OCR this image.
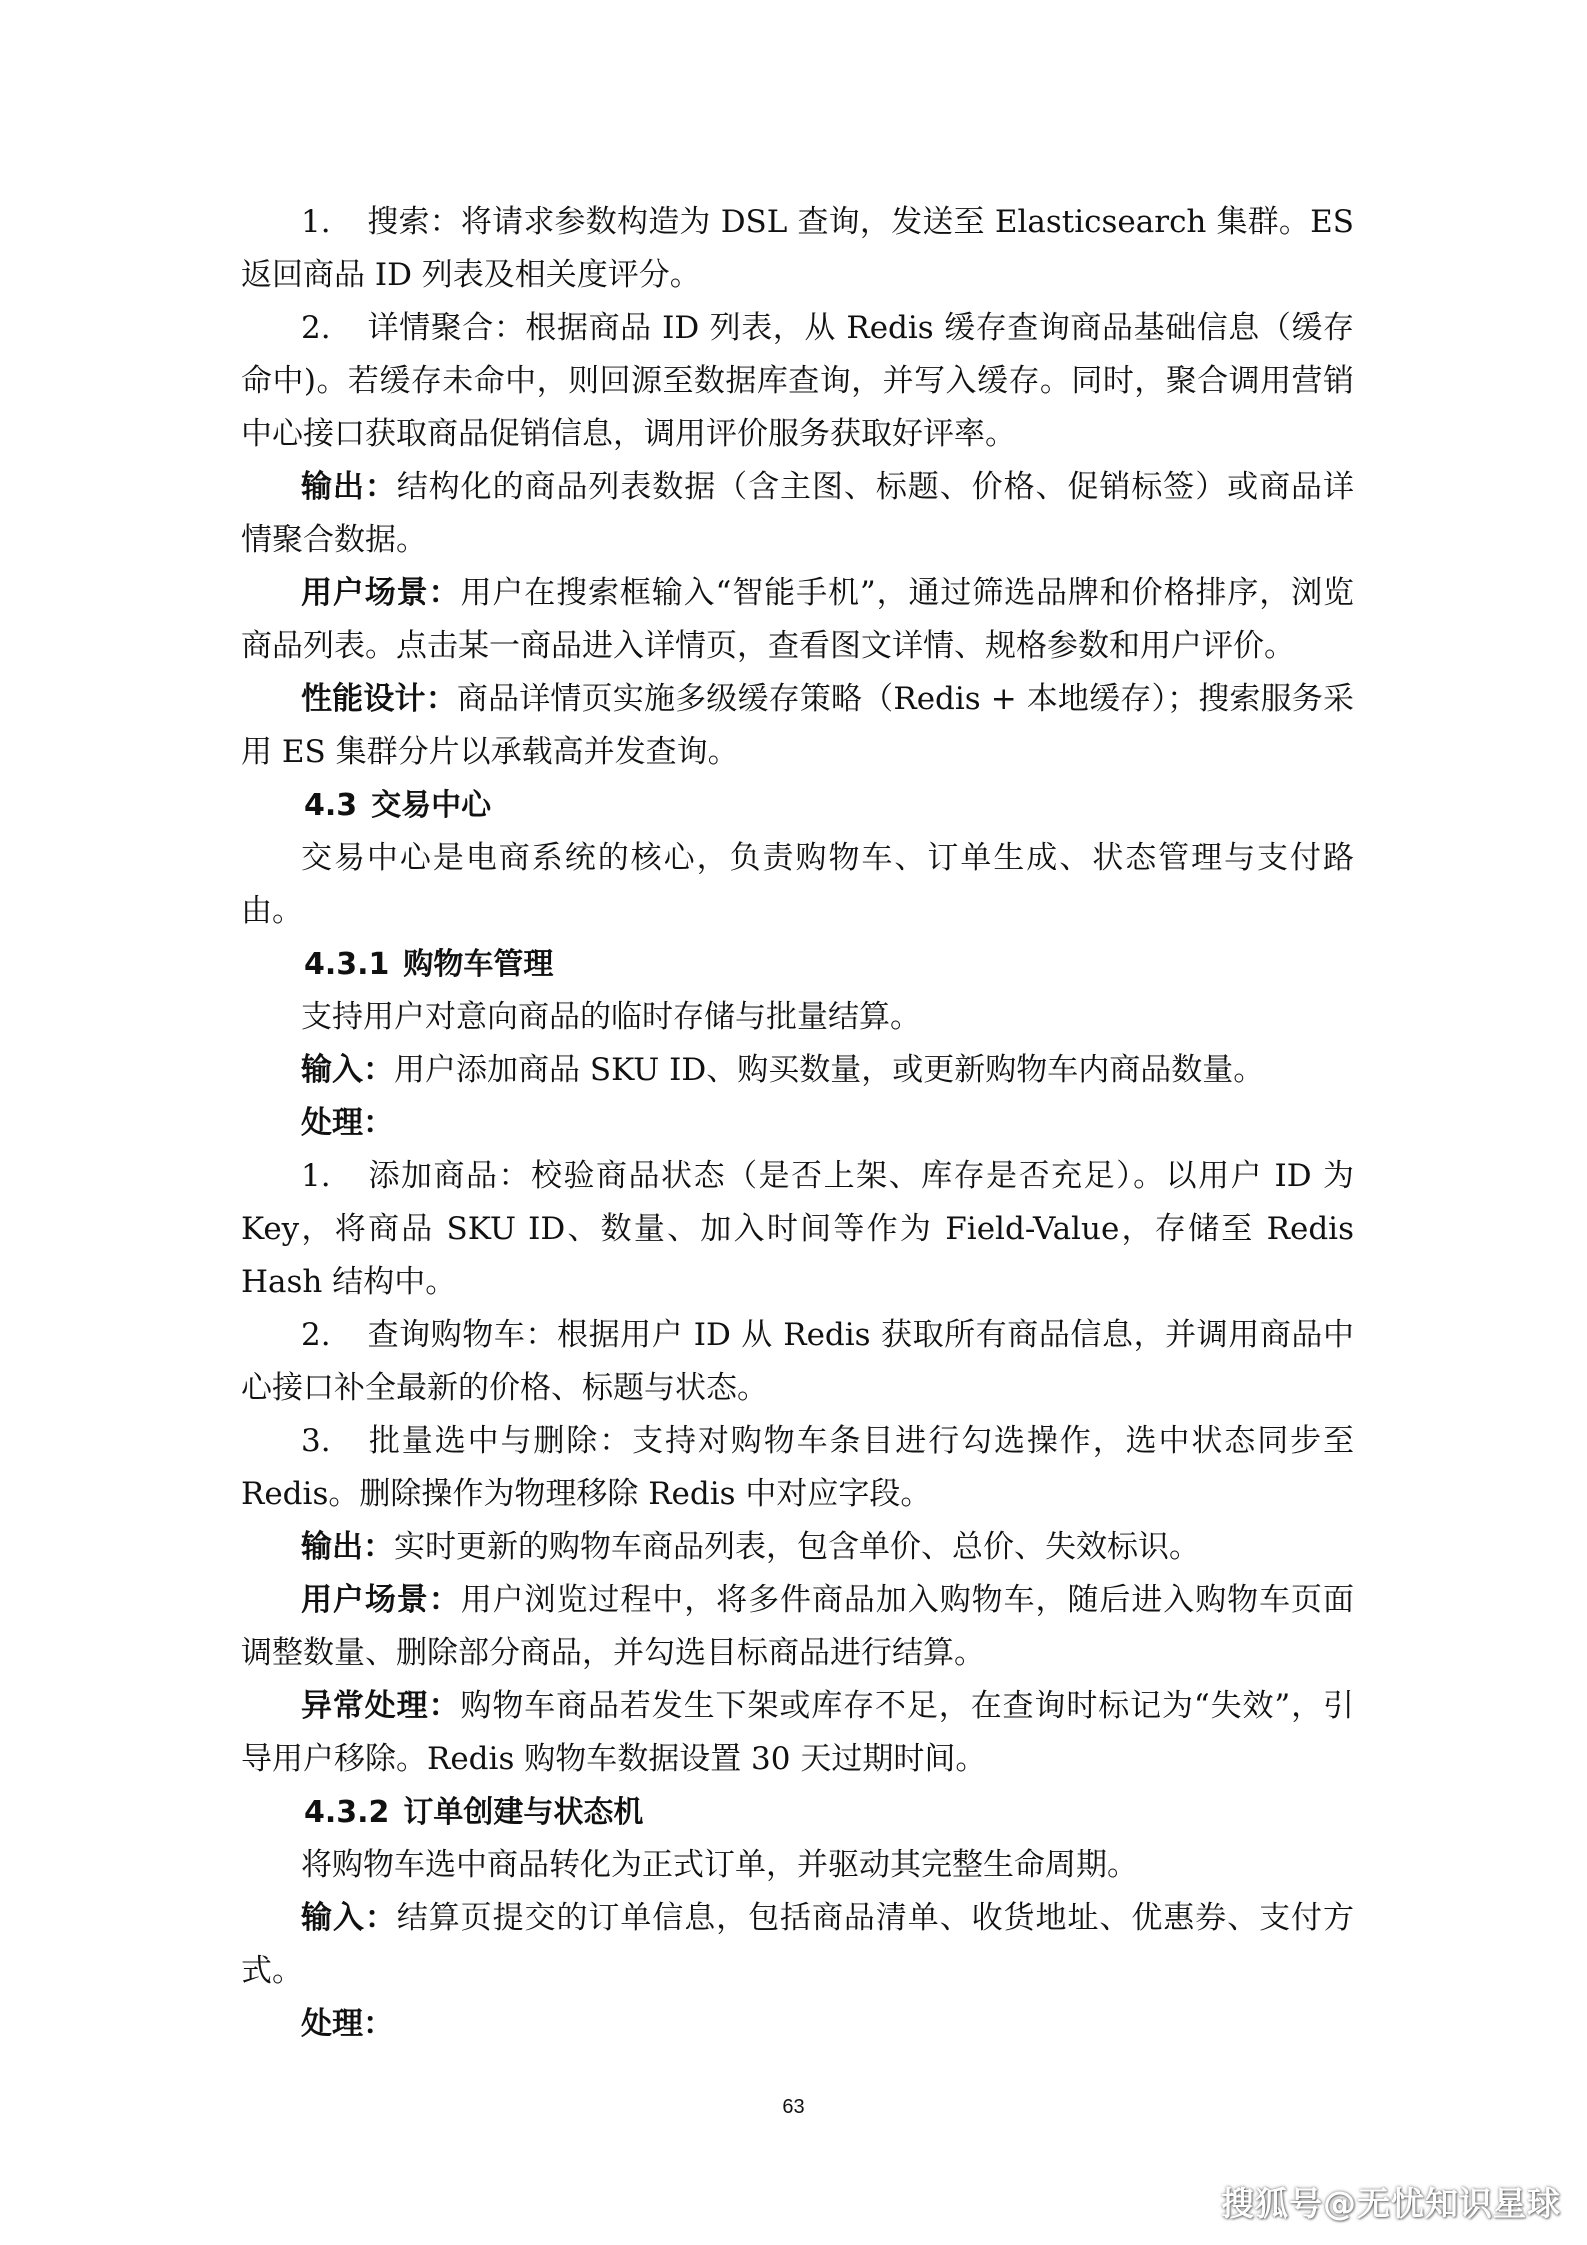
1. 搜索：将请求参数构造为 DSL 查询，发送至 Elasticsearch 集群。ES 返回商品 ID 列表及相关度评分。

2. 详情聚合：根据商品 ID 列表，从 Redis 缓存查询商品基础信息（缓存命中)。若缓存未命中，则回源至数据库查询，并写入缓存。同时，聚合调用营销中心接口获取商品促销信息，调用评价服务获取好评率。

输出：结构化的商品列表数据（含主图、标题、价格、促销标签）或商品详情聚合数据。

用户场景：用户在搜索框输入“智能手机”，通过筛选品牌和价格排序，浏览商品列表。点击某一商品进入详情页，查看图文详情、规格参数和用户评价。

性能设计：商品详情页实施多级缓存策略（Redis + 本地缓存）；搜索服务采用 ES 集群分片以承载高并发查询。

4.3 交易中心

交易中心是电商系统的核心，负责购物车、订单生成、状态管理与支付路由。

4.3.1 购物车管理

支持用户对意向商品的临时存储与批量结算。

输入：用户添加商品 SKU ID、购买数量，或更新购物车内商品数量。

处理：

1. 添加商品：校验商品状态（是否上架、库存是否充足）。以用户 ID 为 Key，将商品 SKU ID、数量、加入时间等作为 Field-Value，存储至 Redis Hash 结构中。

2. 查询购物车：根据用户 ID 从 Redis 获取所有商品信息，并调用商品中心接口补全最新的价格、标题与状态。

3. 批量选中与删除：支持对购物车条目进行勾选操作，选中状态同步至 Redis。删除操作为物理移除 Redis 中对应字段。

输出：实时更新的购物车商品列表，包含单价、总价、失效标识。

用户场景：用户浏览过程中，将多件商品加入购物车，随后进入购物车页面调整数量、删除部分商品，并勾选目标商品进行结算。

异常处理：购物车商品若发生下架或库存不足，在查询时标记为“失效”，引导用户移除。Redis 购物车数据设置 30 天过期时间。

4.3.2 订单创建与状态机

将购物车选中商品转化为正式订单，并驱动其完整生命周期。

输入：结算页提交的订单信息，包括商品清单、收货地址、优惠券、支付方式。

处理：

63
搜狐号@无忧知识星球
